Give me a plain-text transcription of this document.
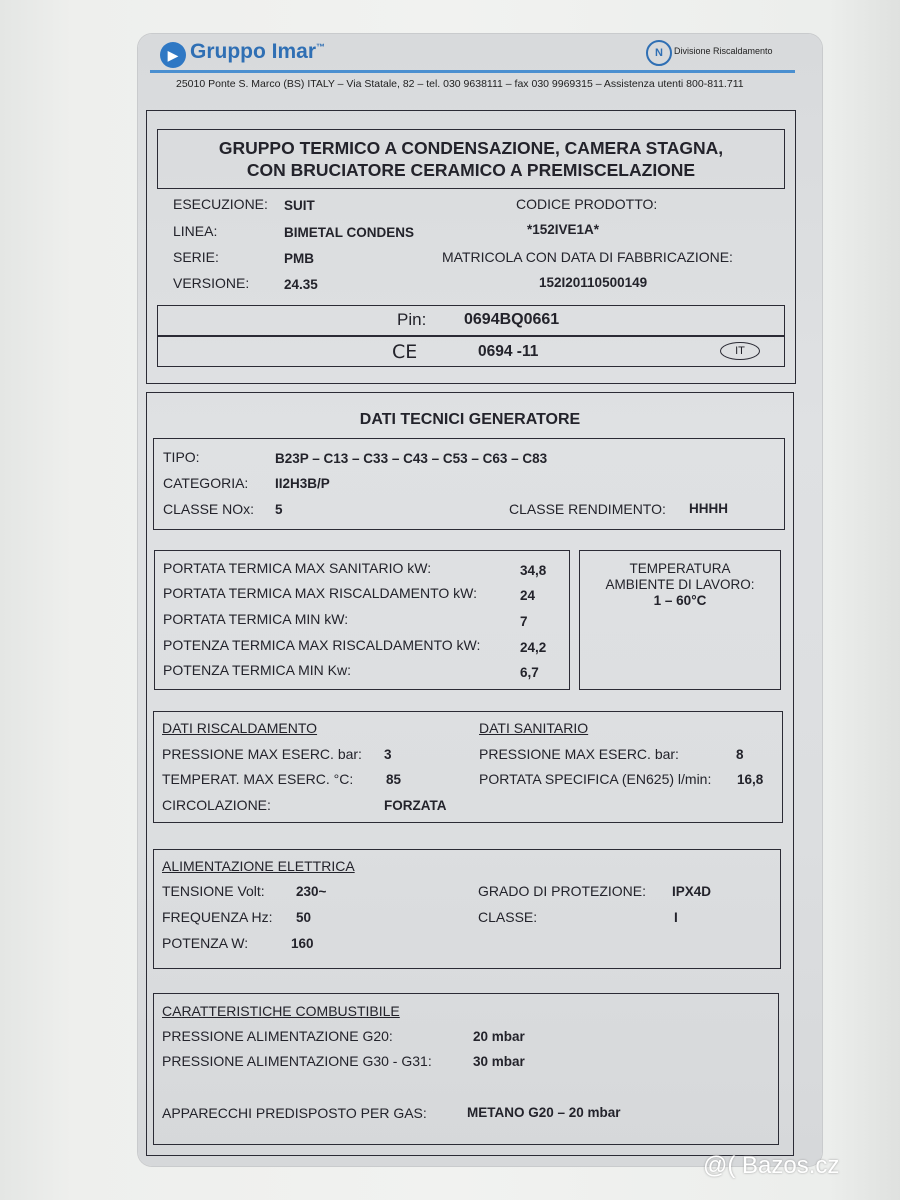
▶ Gruppo Imar™	N	Divisione Riscaldamento
25010 Ponte S. Marco (BS) ITALY – Via Statale, 82 – tel. 030 9638111 – fax 030 9969315 – Assistenza utenti 800-811.711
GRUPPO TERMICO A CONDENSAZIONE, CAMERA STAGNA,
CON BRUCIATORE CERAMICO A PREMISCELAZIONE
ESECUZIONE: SUIT
LINEA:	BIMETAL CONDENS
SERIE:	PMB
VERSIONE:	24.35
CODICE PRODOTTO:
*152IVE1A*
MATRICOLA CON DATA DI FABBRICAZIONE:
152I20110500149
Pin: 0694BQ0661
CE	0694 -11	IT
DATI TECNICI GENERATORE
TIPO:	B23P – C13 – C33 – C43 – C53 – C63 – C83
CATEGORIA: II2H3B/P
CLASSE NOx: 5	CLASSE RENDIMENTO: HHHH
PORTATA TERMICA MAX SANITARIO kW:	34,8
PORTATA TERMICA MAX RISCALDAMENTO kW:	24
PORTATA TERMICA MIN kW:	7
POTENZA TERMICA MAX RISCALDAMENTO kW:	24,2
POTENZA TERMICA MIN Kw:	6,7
TEMPERATURA
AMBIENTE DI LAVORO:
1 – 60°C
DATI RISCALDAMENTO
PRESSIONE MAX ESERC. bar: 3
TEMPERAT. MAX ESERC. °C: 85
CIRCOLAZIONE:	FORZATA
DATI SANITARIO
PRESSIONE MAX ESERC. bar:	8
PORTATA SPECIFICA (EN625) l/min: 16,8
ALIMENTAZIONE ELETTRICA
TENSIONE Volt: 230~
FREQUENZA Hz: 50
POTENZA W:	160
GRADO DI PROTEZIONE: IPX4D
CLASSE:	I
CARATTERISTICHE COMBUSTIBILE
PRESSIONE ALIMENTAZIONE G20:	20 mbar
PRESSIONE ALIMENTAZIONE G30 - G31:	30 mbar
APPARECCHI PREDISPOSTO PER GAS:	METANO G20 – 20 mbar
@( Bazos.cz
